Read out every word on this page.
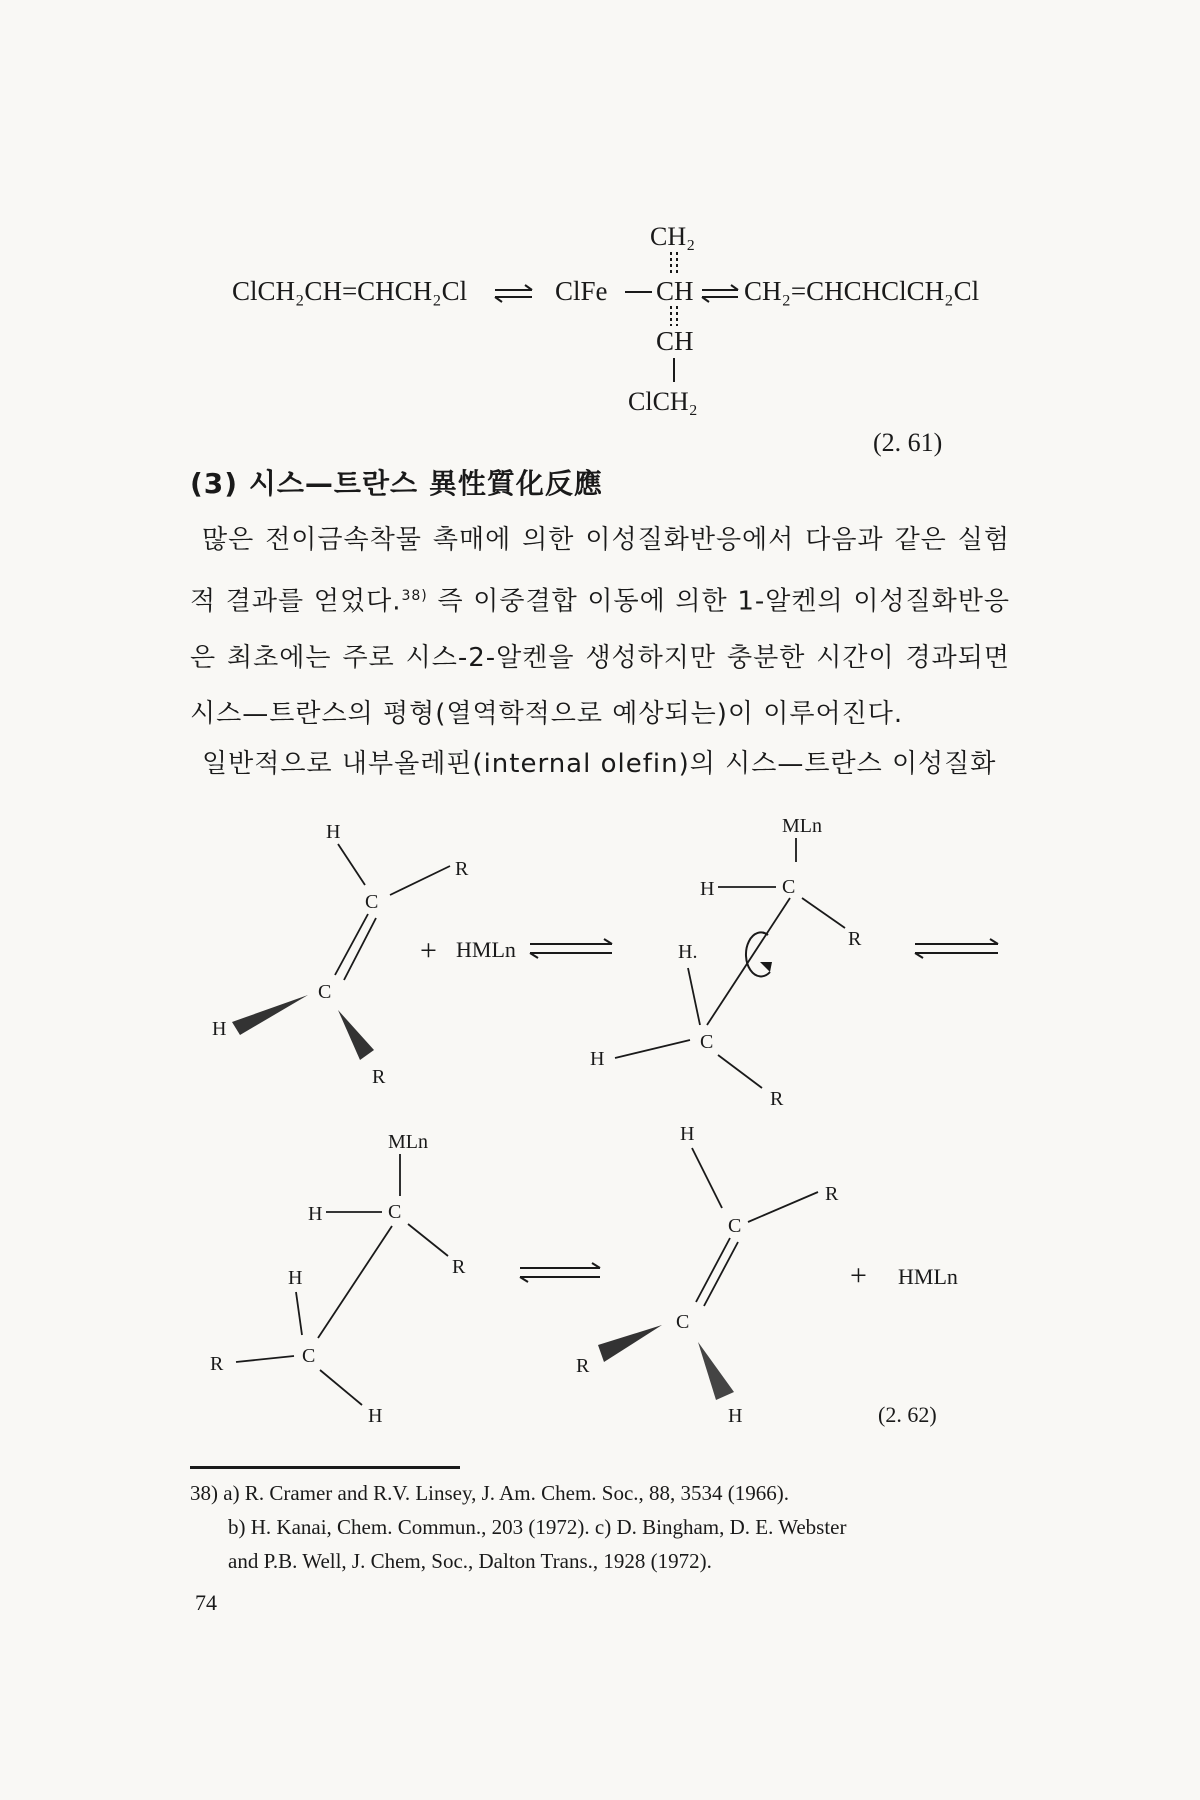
CH₂
ClCH₂CH=CHCH₂Cl	ClFe CH CH₂=CHCHClCH₂Cl
CH
ClCH₂
(2. 61)
(3) 시스—트란스 異性質化反應
많은 전이금속착물 촉매에 의한 이성질화반응에서 다음과 같은 실험적 결과를 얻었다.$^{38)}$ 즉 이중결합 이동에 의한 1-알켄의 이성질화반응은 최초에는 주로 시스-2-알켄을 생성하지만 충분한 시간이 경과되면 시스—트란스의 평형(열역학적으로 예상되는)이 이루어진다.
일반적으로 내부올레핀(internal olefin)의 시스—트란스 이성질화
H
R
C
C
H
R
+ HMLn
MLn
H	C
R
H.
C
H
R
MLn
H	C
R
H
C
R
H
H
R
C
C
R
H
+ HMLn
(2. 62)
38) a) R. Cramer and R.V. Linsey, J. Am. Chem. Soc., 88, 3534 (1966).
b) H. Kanai, Chem. Commun., 203 (1972). c) D. Bingham, D. E. Webster
and P.B. Well, J. Chem, Soc., Dalton Trans., 1928 (1972).
74
